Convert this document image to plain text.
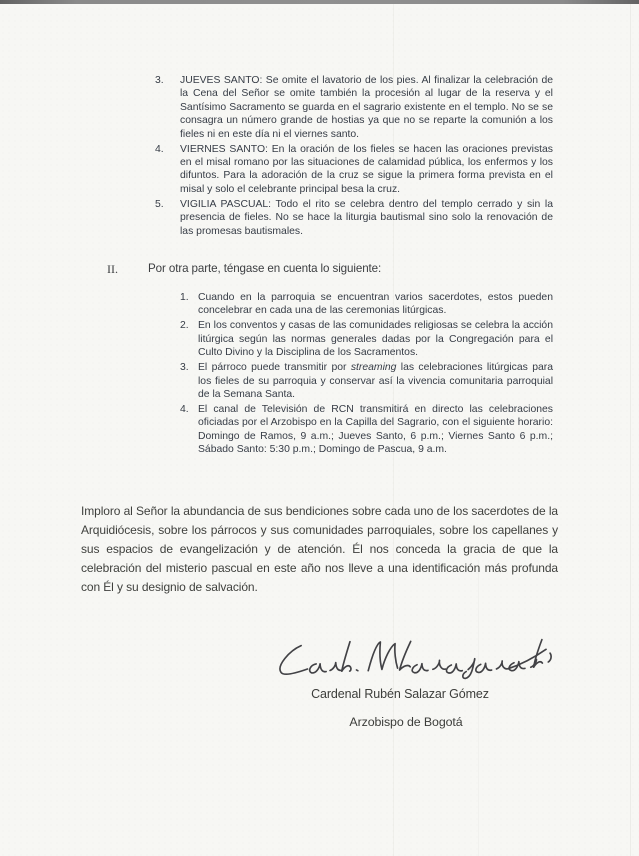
3.	JUEVES SANTO: Se omite el lavatorio de los pies. Al finalizar la celebración de la Cena del Señor se omite también la procesión al lugar de la reserva y el Santísimo Sacramento se guarda en el sagrario existente en el templo. No se se consagra un número grande de hostias ya que no se reparte la comunión a los fieles ni en este día ni el viernes santo.
4.	VIERNES SANTO: En la oración de los fieles se hacen las oraciones previstas en el misal romano por las situaciones de calamidad pública, los enfermos y los difuntos. Para la adoración de la cruz se sigue la primera forma prevista en el misal y solo el celebrante principal besa la cruz.
5.	VIGILIA PASCUAL: Todo el rito se celebra dentro del templo cerrado y sin la presencia de fieles. No se hace la liturgia bautismal sino solo la renovación de las promesas bautismales.
II.	Por otra parte, téngase en cuenta lo siguiente:
1. Cuando en la parroquia se encuentran varios sacerdotes, estos pueden concelebrar en cada una de las ceremonias litúrgicas.
2. En los conventos y casas de las comunidades religiosas se celebra la acción litúrgica según las normas generales dadas por la Congregación para el Culto Divino y la Disciplina de los Sacramentos.
3. El párroco puede transmitir por streaming las celebraciones litúrgicas para los fieles de su parroquia y conservar así la vivencia comunitaria parroquial de la Semana Santa.
4. El canal de Televisión de RCN transmitirá en directo las celebraciones oficiadas por el Arzobispo en la Capilla del Sagrario, con el siguiente horario: Domingo de Ramos, 9 a.m.; Jueves Santo, 6 p.m.; Viernes Santo 6 p.m.; Sábado Santo: 5:30 p.m.; Domingo de Pascua, 9 a.m.
Imploro al Señor la abundancia de sus bendiciones sobre cada uno de los sacerdotes de la Arquidiócesis, sobre los párrocos y sus comunidades parroquiales, sobre los capellanes y sus espacios de evangelización y de atención. Él nos conceda la gracia de que la celebración del misterio pascual en este año nos lleve a una identificación más profunda con Él y su designio de salvación.
Cardenal Rubén Salazar Gómez
Arzobispo de Bogotá
